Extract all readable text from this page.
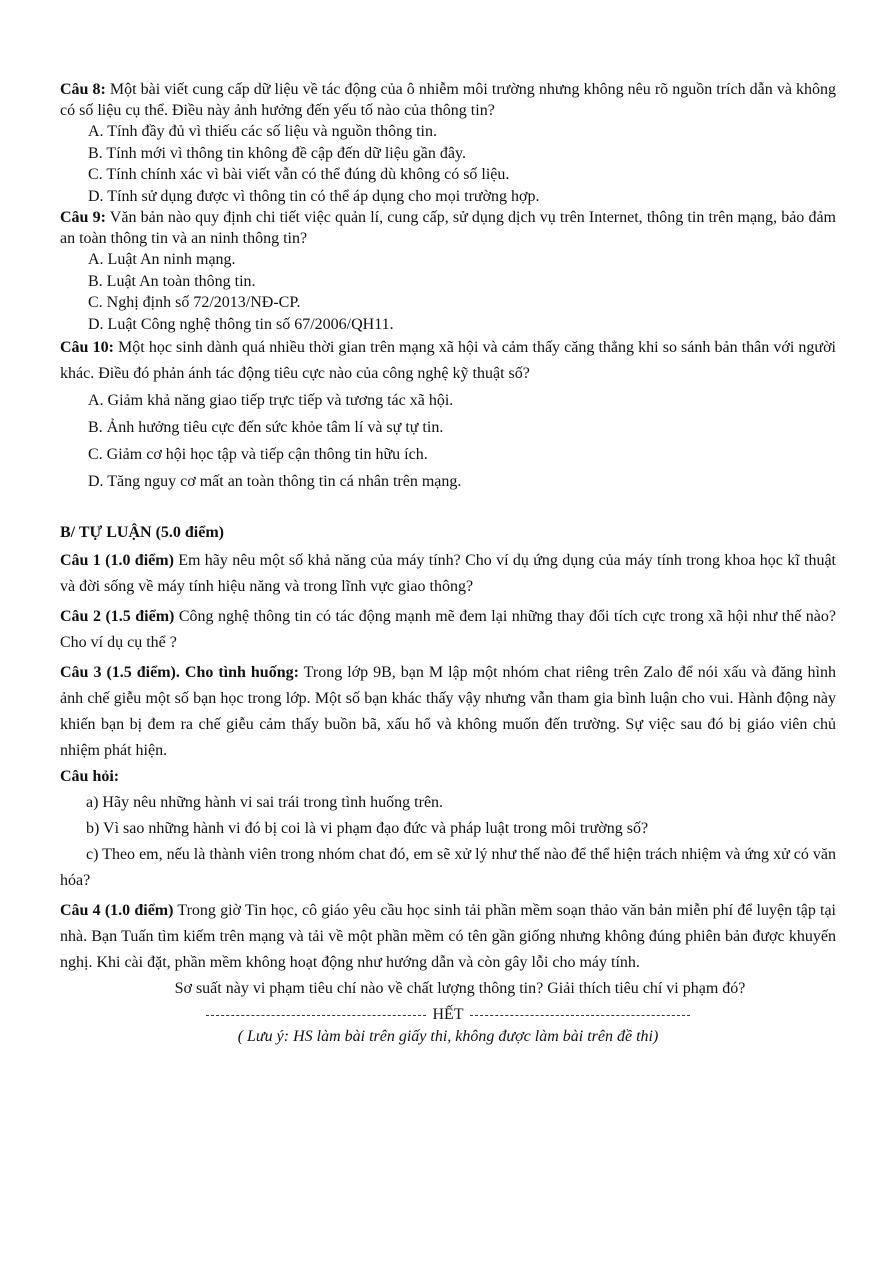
Câu 8: Một bài viết cung cấp dữ liệu về tác động của ô nhiễm môi trường nhưng không nêu rõ nguồn trích dẫn và không có số liệu cụ thể. Điều này ảnh hưởng đến yếu tố nào của thông tin?
A. Tính đầy đủ vì thiếu các số liệu và nguồn thông tin.
B. Tính mới vì thông tin không đề cập đến dữ liệu gần đây.
C. Tính chính xác vì bài viết vẫn có thể đúng dù không có số liệu.
D. Tính sử dụng được vì thông tin có thể áp dụng cho mọi trường hợp.
Câu 9: Văn bản nào quy định chi tiết việc quản lí, cung cấp, sử dụng dịch vụ trên Internet, thông tin trên mạng, bảo đảm an toàn thông tin và an ninh thông tin?
A. Luật An ninh mạng.
B. Luật An toàn thông tin.
C. Nghị định số 72/2013/NĐ-CP.
D. Luật Công nghệ thông tin số 67/2006/QH11.
Câu 10: Một học sinh dành quá nhiều thời gian trên mạng xã hội và cảm thấy căng thẳng khi so sánh bản thân với người khác. Điều đó phản ánh tác động tiêu cực nào của công nghệ kỹ thuật số?
A. Giảm khả năng giao tiếp trực tiếp và tương tác xã hội.
B. Ảnh hưởng tiêu cực đến sức khỏe tâm lí và sự tự tin.
C. Giảm cơ hội học tập và tiếp cận thông tin hữu ích.
D. Tăng nguy cơ mất an toàn thông tin cá nhân trên mạng.
B/ TỰ LUẬN (5.0 điểm)
Câu 1 (1.0 điểm) Em hãy nêu một số khả năng của máy tính? Cho ví dụ ứng dụng của máy tính trong khoa học kĩ thuật và đời sống về máy tính hiệu năng và trong lĩnh vực giao thông?
Câu 2 (1.5 điểm) Công nghệ thông tin có tác động mạnh mẽ đem lại những thay đổi tích cực trong xã hội như thế nào? Cho ví dụ cụ thể ?
Câu 3 (1.5 điểm). Cho tình huống: Trong lớp 9B, bạn M lập một nhóm chat riêng trên Zalo để nói xấu và đăng hình ảnh chế giễu một số bạn học trong lớp. Một số bạn khác thấy vậy nhưng vẫn tham gia bình luận cho vui. Hành động này khiến bạn bị đem ra chế giễu cảm thấy buồn bã, xấu hổ và không muốn đến trường. Sự việc sau đó bị giáo viên chủ nhiệm phát hiện.
Câu hỏi:
a) Hãy nêu những hành vi sai trái trong tình huống trên.
b) Vì sao những hành vi đó bị coi là vi phạm đạo đức và pháp luật trong môi trường số?
c) Theo em, nếu là thành viên trong nhóm chat đó, em sẽ xử lý như thế nào để thể hiện trách nhiệm và ứng xử có văn hóa?
Câu 4 (1.0 điểm) Trong giờ Tin học, cô giáo yêu cầu học sinh tải phần mềm soạn thảo văn bản miễn phí để luyện tập tại nhà. Bạn Tuấn tìm kiếm trên mạng và tải về một phần mềm có tên gần giống nhưng không đúng phiên bản được khuyến nghị. Khi cài đặt, phần mềm không hoạt động như hướng dẫn và còn gây lỗi cho máy tính.
Sơ suất này vi phạm tiêu chí nào về chất lượng thông tin? Giải thích tiêu chí vi phạm đó?
HẾT
( Lưu ý: HS làm bài trên giấy thi, không được làm bài trên đề thi)
